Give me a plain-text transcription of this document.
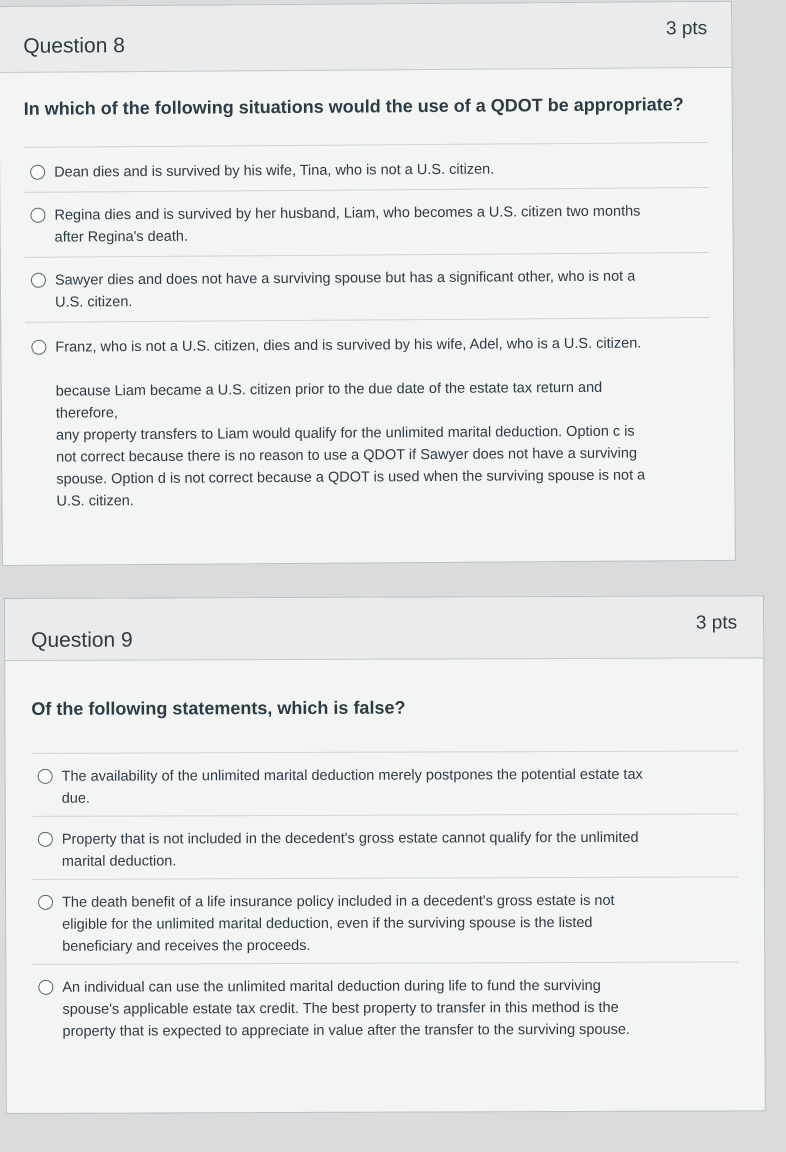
Question 8
3 pts
In which of the following situations would the use of a QDOT be appropriate?
Dean dies and is survived by his wife, Tina, who is not a U.S. citizen.
Regina dies and is survived by her husband, Liam, who becomes a U.S. citizen two months
after Regina's death.
Sawyer dies and does not have a surviving spouse but has a significant other, who is not a
U.S. citizen.
Franz, who is not a U.S. citizen, dies and is survived by his wife, Adel, who is a U.S. citizen.
because Liam became a U.S. citizen prior to the due date of the estate tax return and
therefore,
any property transfers to Liam would qualify for the unlimited marital deduction. Option c is
not correct because there is no reason to use a QDOT if Sawyer does not have a surviving
spouse. Option d is not correct because a QDOT is used when the surviving spouse is not a
U.S. citizen.
Question 9
3 pts
Of the following statements, which is false?
The availability of the unlimited marital deduction merely postpones the potential estate tax
due.
Property that is not included in the decedent's gross estate cannot qualify for the unlimited
marital deduction.
The death benefit of a life insurance policy included in a decedent's gross estate is not
eligible for the unlimited marital deduction, even if the surviving spouse is the listed
beneficiary and receives the proceeds.
An individual can use the unlimited marital deduction during life to fund the surviving
spouse's applicable estate tax credit. The best property to transfer in this method is the
property that is expected to appreciate in value after the transfer to the surviving spouse.
